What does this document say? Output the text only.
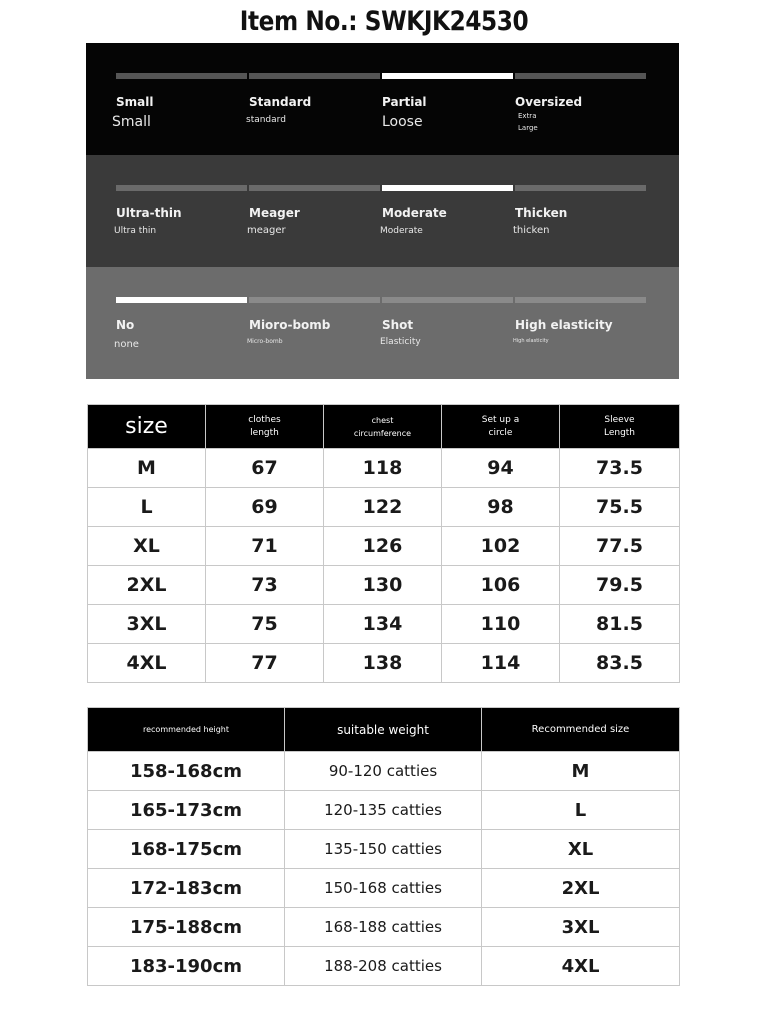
Item No.: SWKJK24530
Small	Standard	Partial	Oversized
Small	standard	Loose	Extra Large
Ultra-thin	Meager	Moderate	Thicken
Ultra thin	meager	Moderate	thicken
No	Mioro-bomb	Shot	High elasticity
none	Micro-bomb	Elasticity	High elasticity
size	clothes length	chest circumference	Set up a circle	Sleeve Length
M	67	118	94	73.5
L	69	122	98	75.5
XL	71	126	102	77.5
2XL	73	130	106	79.5
3XL	75	134	110	81.5
4XL	77	138	114	83.5
recommended height	suitable weight	Recommended size
158-168cm	90-120 catties	M
165-173cm	120-135 catties	L
168-175cm	135-150 catties	XL
172-183cm	150-168 catties	2XL
175-188cm	168-188 catties	3XL
183-190cm	188-208 catties	4XL
